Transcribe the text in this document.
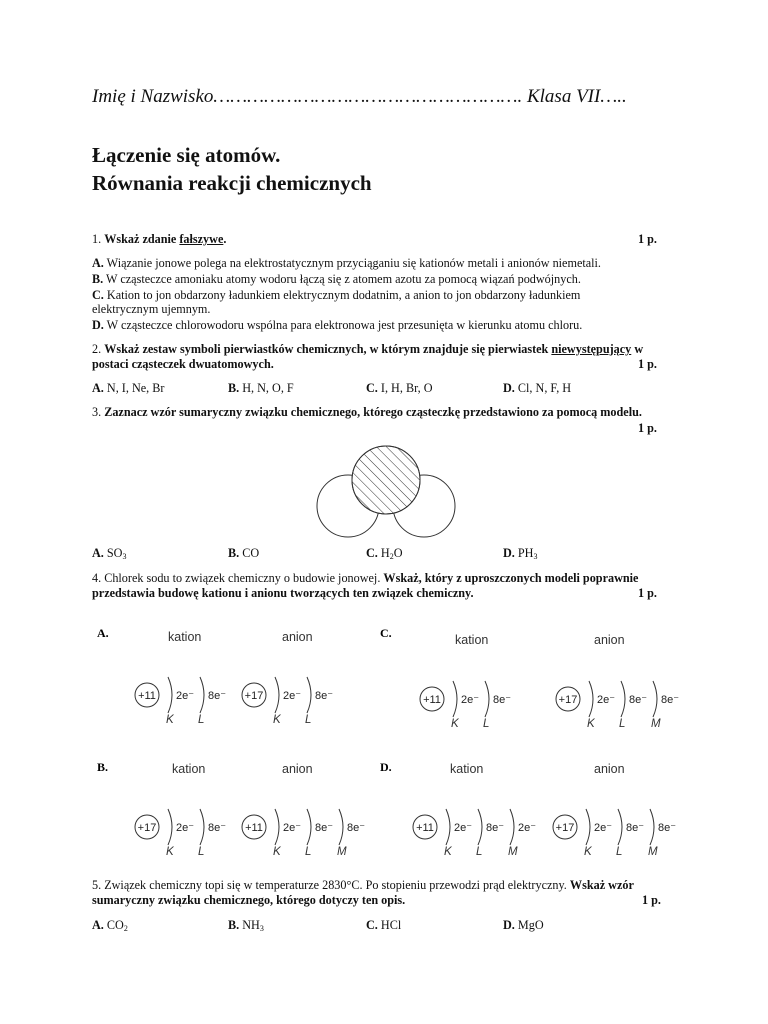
Imię i Nazwisko………………………………………………. Klasa VII…..
Łączenie się atomów.
Równania reakcji chemicznych
1. Wskaż zdanie fałszywe.	1 p.
A. Wiązanie jonowe polega na elektrostatycznym przyciąganiu się kationów metali i anionów niemetali.
B. W cząsteczce amoniaku atomy wodoru łączą się z atomem azotu za pomocą wiązań podwójnych.
C. Kation to jon obdarzony ładunkiem elektrycznym dodatnim, a anion to jon obdarzony ładunkiem
elektrycznym ujemnym.
D. W cząsteczce chlorowodoru wspólna para elektronowa jest przesunięta w kierunku atomu chloru.
2. Wskaż zestaw symboli pierwiastków chemicznych, w którym znajduje się pierwiastek niewystępujący w
postaci cząsteczek dwuatomowych.	1 p.
A. N, I, Ne, Br	B. H, N, O, F	C. I, H, Br, O	D. Cl, N, F, H
3. Zaznacz wzór sumaryczny związku chemicznego, którego cząsteczkę przedstawiono za pomocą modelu.
1 p.
A. $SO_3$	B. CO	C. $H_2O$	D. $PH_3$
4. Chlorek sodu to związek chemiczny o budowie jonowej. Wskaż, który z uproszczonych modeli poprawnie
przedstawia budowę kationu i anionu tworzących ten związek chemiczny.	1 p.
A.	kation	anion
+11 2e⁻
K
8e⁻
L
+17 2e⁻
K
8e⁻
L
B.	kation	anion
+17 2e⁻
K
8e⁻
L
+11 2e⁻
K
8e⁻
L
8e⁻
M
C.	kation	anion
+11 2e⁻
K
8e⁻
L
+17 2e⁻
K
8e⁻
L
8e⁻
M
D.	kation	anion
+11 2e⁻
K
8e⁻
L
2e⁻
M
+17 2e⁻
K
8e⁻
L
8e⁻
M
5. Związek chemiczny topi się w temperaturze 2830°C. Po stopieniu przewodzi prąd elektryczny. Wskaż wzór
sumaryczny związku chemicznego, którego dotyczy ten opis.	1 p.
A. $CO_2$	B. $NH_3$	C. HCl	D. MgO
